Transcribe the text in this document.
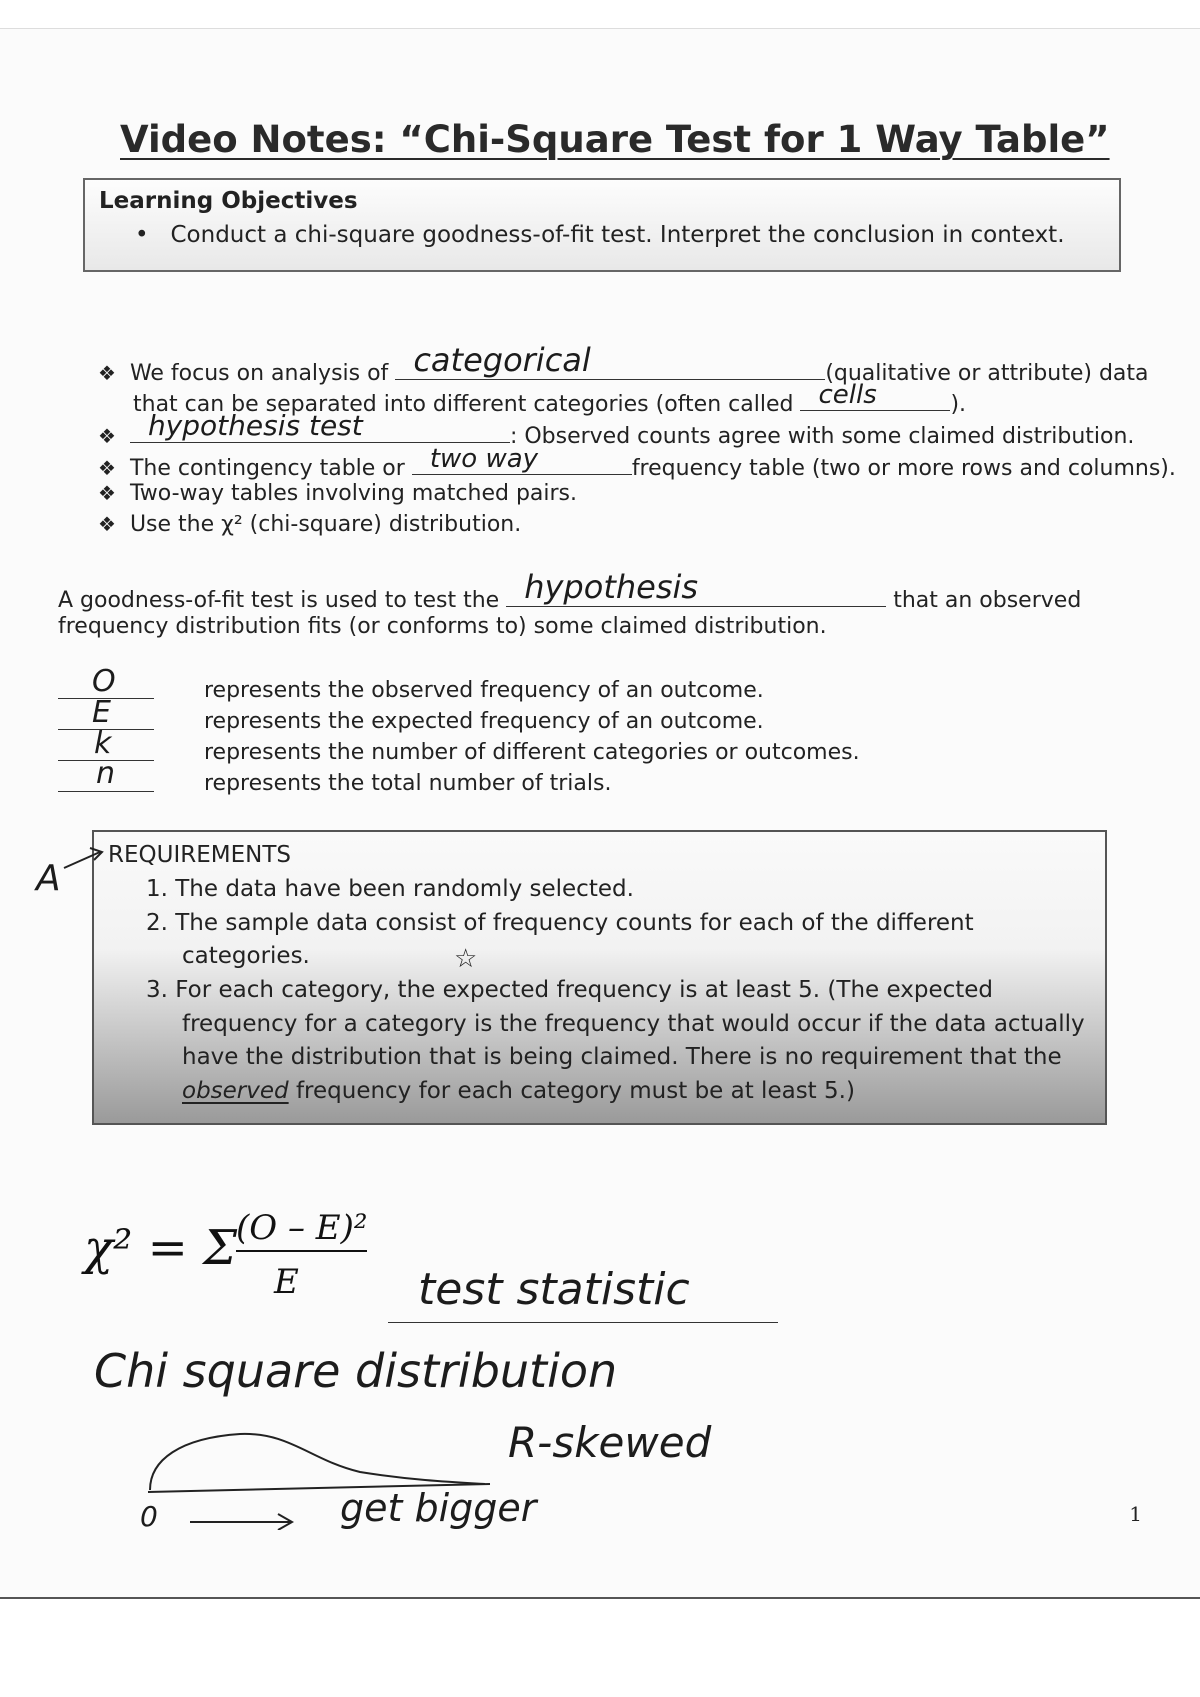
Video Notes: “Chi-Square Test for 1 Way Table”
Learning Objectives
•   Conduct a chi-square goodness-of-fit test. Interpret the conclusion in context.
❖ We focus on analysis of categorical	(qualitative or attribute) data
that can be separated into different categories (often called cells	).
❖ hypothesis test	: Observed counts agree with some claimed distribution.
❖ The contingency table or two way	frequency table (two or more rows and columns).
❖ Two-way tables involving matched pairs.
❖ Use the χ² (chi-square) distribution.
A goodness-of-fit test is used to test the hypothesis	that an observed
frequency distribution fits (or conforms to) some claimed distribution.
O	represents the observed frequency of an outcome.
E	represents the expected frequency of an outcome.
k	represents the number of different categories or outcomes.
n	represents the total number of trials.
REQUIREMENTS
1. The data have been randomly selected.
2. The sample data consist of frequency counts for each of the different
categories.
3. For each category, the expected frequency is at least 5. (The expected
frequency for a category is the frequency that would occur if the data actually
have the distribution that is being claimed. There is no requirement that the
observed frequency for each category must be at least 5.)
☆
A
χ² = Σ (O – E)²
E	test statistic
Chi square distribution
R-skewed
0	get bigger	1
